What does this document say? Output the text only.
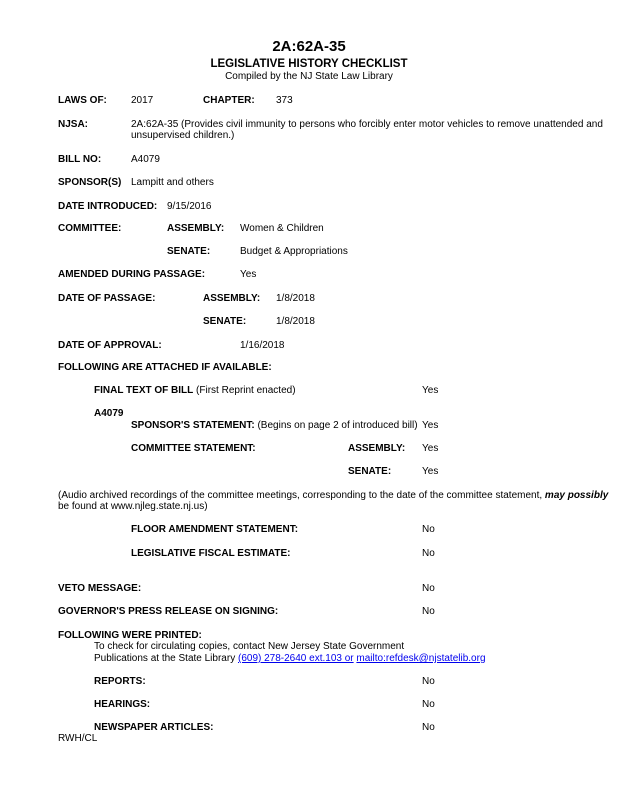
2A:62A-35
LEGISLATIVE HISTORY CHECKLIST
Compiled by the NJ State Law Library
LAWS OF: 2017	CHAPTER: 373
NJSA:	2A:62A-35 (Provides civil immunity to persons who forcibly enter motor vehicles to remove unattended and
unsupervised children.)
BILL NO:	A4079
SPONSOR(S) Lampitt and others
DATE INTRODUCED: 9/15/2016
COMMITTEE:	ASSEMBLY: Women & Children
SENATE:	Budget & Appropriations
AMENDED DURING PASSAGE:	Yes
DATE OF PASSAGE:	ASSEMBLY: 1/8/2018
SENATE:	1/8/2018
DATE OF APPROVAL:	1/16/2018
FOLLOWING ARE ATTACHED IF AVAILABLE:
FINAL TEXT OF BILL (First Reprint enacted)	Yes
A4079
SPONSOR'S STATEMENT: (Begins on page 2 of introduced bill) Yes
COMMITTEE STATEMENT:	ASSEMBLY: Yes
SENATE:	Yes
(Audio archived recordings of the committee meetings, corresponding to the date of the committee statement, may possibly
be found at www.njleg.state.nj.us)
FLOOR AMENDMENT STATEMENT:	No
LEGISLATIVE FISCAL ESTIMATE:	No
VETO MESSAGE:	No
GOVERNOR'S PRESS RELEASE ON SIGNING:	No
FOLLOWING WERE PRINTED:
To check for circulating copies, contact New Jersey State Government
Publications at the State Library (609) 278-2640 ext.103 or mailto:refdesk@njstatelib.org
REPORTS:	No
HEARINGS:	No
NEWSPAPER ARTICLES:	No
RWH/CL
